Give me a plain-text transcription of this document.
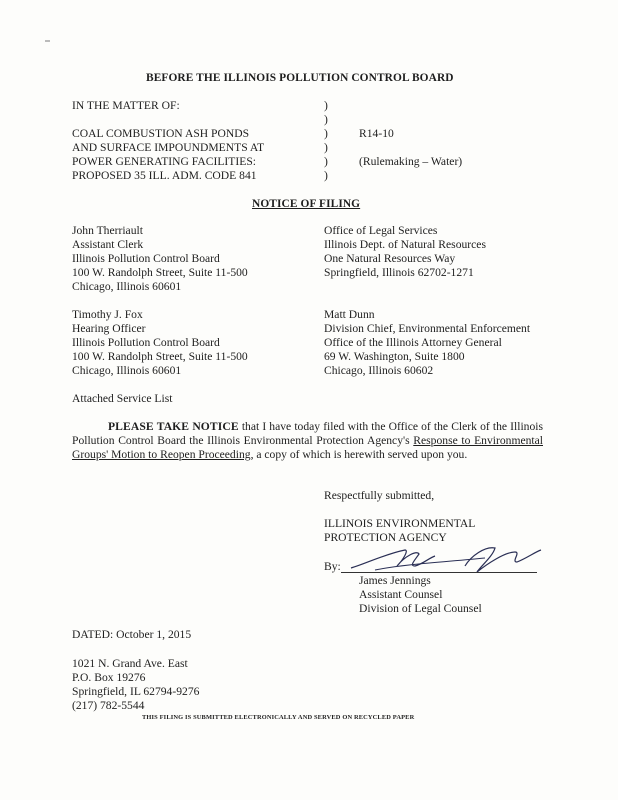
BEFORE THE ILLINOIS POLLUTION CONTROL BOARD
IN THE MATTER OF:
COAL COMBUSTION ASH PONDS
AND SURFACE IMPOUNDMENTS AT
POWER GENERATING FACILITIES:
PROPOSED 35 ILL. ADM. CODE 841
)
)
)
)
)
)
R14-10
(Rulemaking – Water)
NOTICE OF FILING
John Therriault
Assistant Clerk
Illinois Pollution Control Board
100 W. Randolph Street, Suite 11-500
Chicago, Illinois 60601
Office of Legal Services
Illinois Dept. of Natural Resources
One Natural Resources Way
Springfield, Illinois 62702-1271
Timothy J. Fox
Hearing Officer
Illinois Pollution Control Board
100 W. Randolph Street, Suite 11-500
Chicago, Illinois 60601
Matt Dunn
Division Chief, Environmental Enforcement
Office of the Illinois Attorney General
69 W. Washington, Suite 1800
Chicago, Illinois 60602
Attached Service List
PLEASE TAKE NOTICE that I have today filed with the Office of the Clerk of the Illinois Pollution Control Board the Illinois Environmental Protection Agency's Response to Environmental Groups' Motion to Reopen Proceeding, a copy of which is herewith served upon you.
Respectfully submitted,
ILLINOIS ENVIRONMENTAL
PROTECTION AGENCY
By:
James Jennings
Assistant Counsel
Division of Legal Counsel
DATED: October 1, 2015
1021 N. Grand Ave. East
P.O. Box 19276
Springfield, IL 62794-9276
(217) 782-5544
THIS FILING IS SUBMITTED ELECTRONICALLY AND SERVED ON RECYCLED PAPER
